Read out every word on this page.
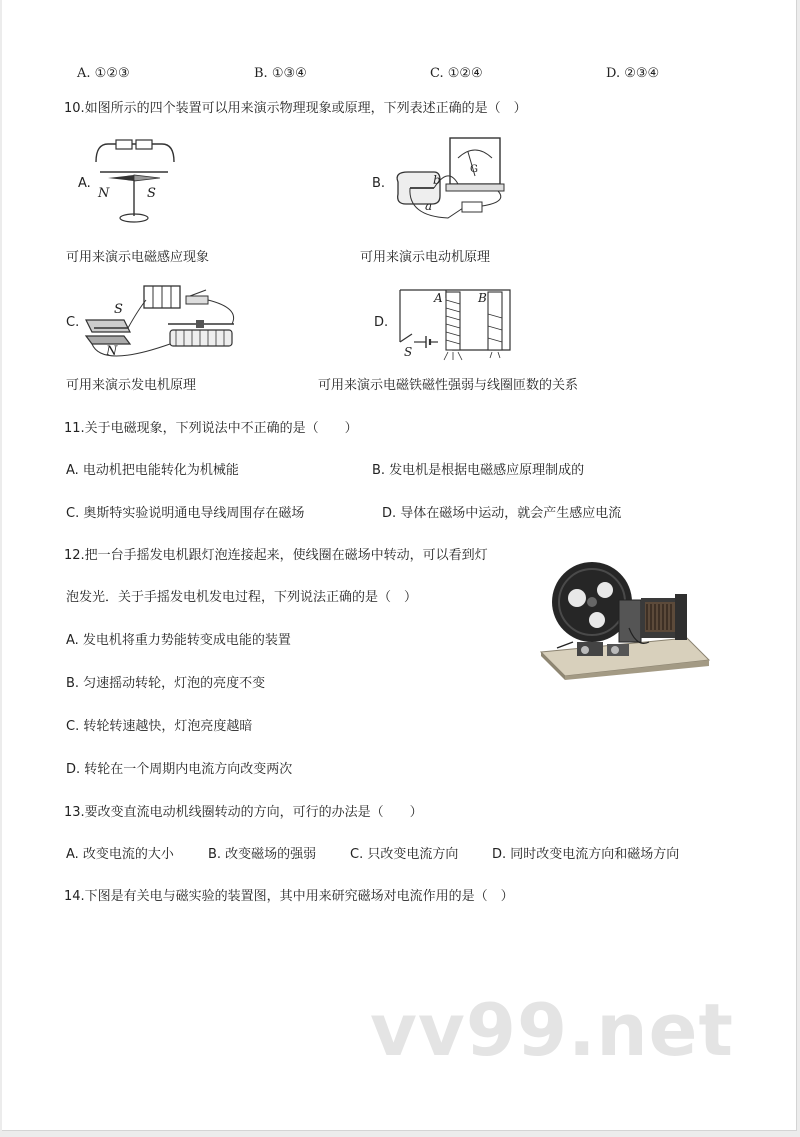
A. ①②③	B. ①③④	C. ①②④	D. ②③④
10.如图所示的四个装置可以用来演示物理现象或原理，下列表述正确的是（　）
A.
N	S
B.	b
a
G
可用来演示电磁感应现象	可用来演示电动机原理
C.
S
N
D.
A	B
S
可用来演示发电机原理	可用来演示电磁铁磁性强弱与线圈匝数的关系
11.关于电磁现象，下列说法中不正确的是（　　）
A. 电动机把电能转化为机械能	B. 发电机是根据电磁感应原理制成的
C. 奥斯特实验说明通电导线周围存在磁场	D. 导体在磁场中运动，就会产生感应电流
12.把一台手摇发电机跟灯泡连接起来，使线圈在磁场中转动，可以看到灯
泡发光．关于手摇发电机发电过程，下列说法正确的是（　）
A. 发电机将重力势能转变成电能的装置
B. 匀速摇动转轮，灯泡的亮度不变
C. 转轮转速越快，灯泡亮度越暗
D. 转轮在一个周期内电流方向改变两次
13.要改变直流电动机线圈转动的方向，可行的办法是（　　）
A. 改变电流的大小	B. 改变磁场的强弱	C. 只改变电流方向	D. 同时改变电流方向和磁场方向
14.下图是有关电与磁实验的装置图，其中用来研究磁场对电流作用的是（　）
vv99.net
